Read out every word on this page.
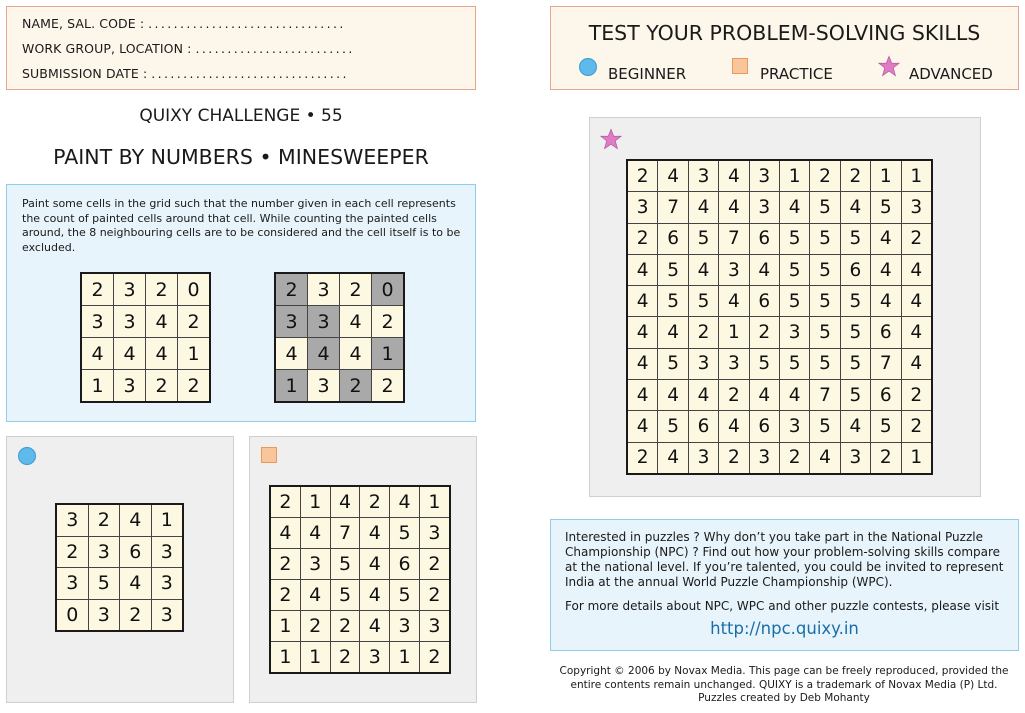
NAME, SAL. CODE : ...............................
WORK GROUP, LOCATION : .........................
SUBMISSION DATE : ...............................
QUIXY CHALLENGE • 55
PAINT BY NUMBERS • MINESWEEPER
Paint some cells in the grid such that the number given in each cell represents the count of painted cells around that cell. While counting the painted cells around, the 8 neighbouring cells are to be considered and the cell itself is to be excluded.
2	3	2	0
3	3	4	2
4	4	4	1
1	3	2	2
2	3	2	0
3	3	4	2
4	4	4	1
1	3	2	2
3	2	4	1
2	3	6	3
3	5	4	3
0	3	2	3
2	1	4	2	4	1
4	4	7	4	5	3
2	3	5	4	6	2
2	4	5	4	5	2
1	2	2	4	3	3
1	1	2	3	1	2
TEST YOUR PROBLEM-SOLVING SKILLS
BEGINNER	PRACTICE	ADVANCED
2	4	3	4	3	1	2	2	1	1
3	7	4	4	3	4	5	4	5	3
2	6	5	7	6	5	5	5	4	2
4	5	4	3	4	5	5	6	4	4
4	5	5	4	6	5	5	5	4	4
4	4	2	1	2	3	5	5	6	4
4	5	3	3	5	5	5	5	7	4
4	4	4	2	4	4	7	5	6	2
4	5	6	4	6	3	5	4	5	2
2	4	3	2	3	2	4	3	2	1
Interested in puzzles ? Why don’t you take part in the National Puzzle Championship (NPC) ? Find out how your problem-solving skills compare at the national level. If you’re talented, you could be invited to represent India at the annual World Puzzle Championship (WPC).
For more details about NPC, WPC and other puzzle contests, please visit
http://npc.quixy.in
Copyright © 2006 by Novax Media. This page can be freely reproduced, provided the
entire contents remain unchanged. QUIXY is a trademark of Novax Media (P) Ltd.
Puzzles created by Deb Mohanty
